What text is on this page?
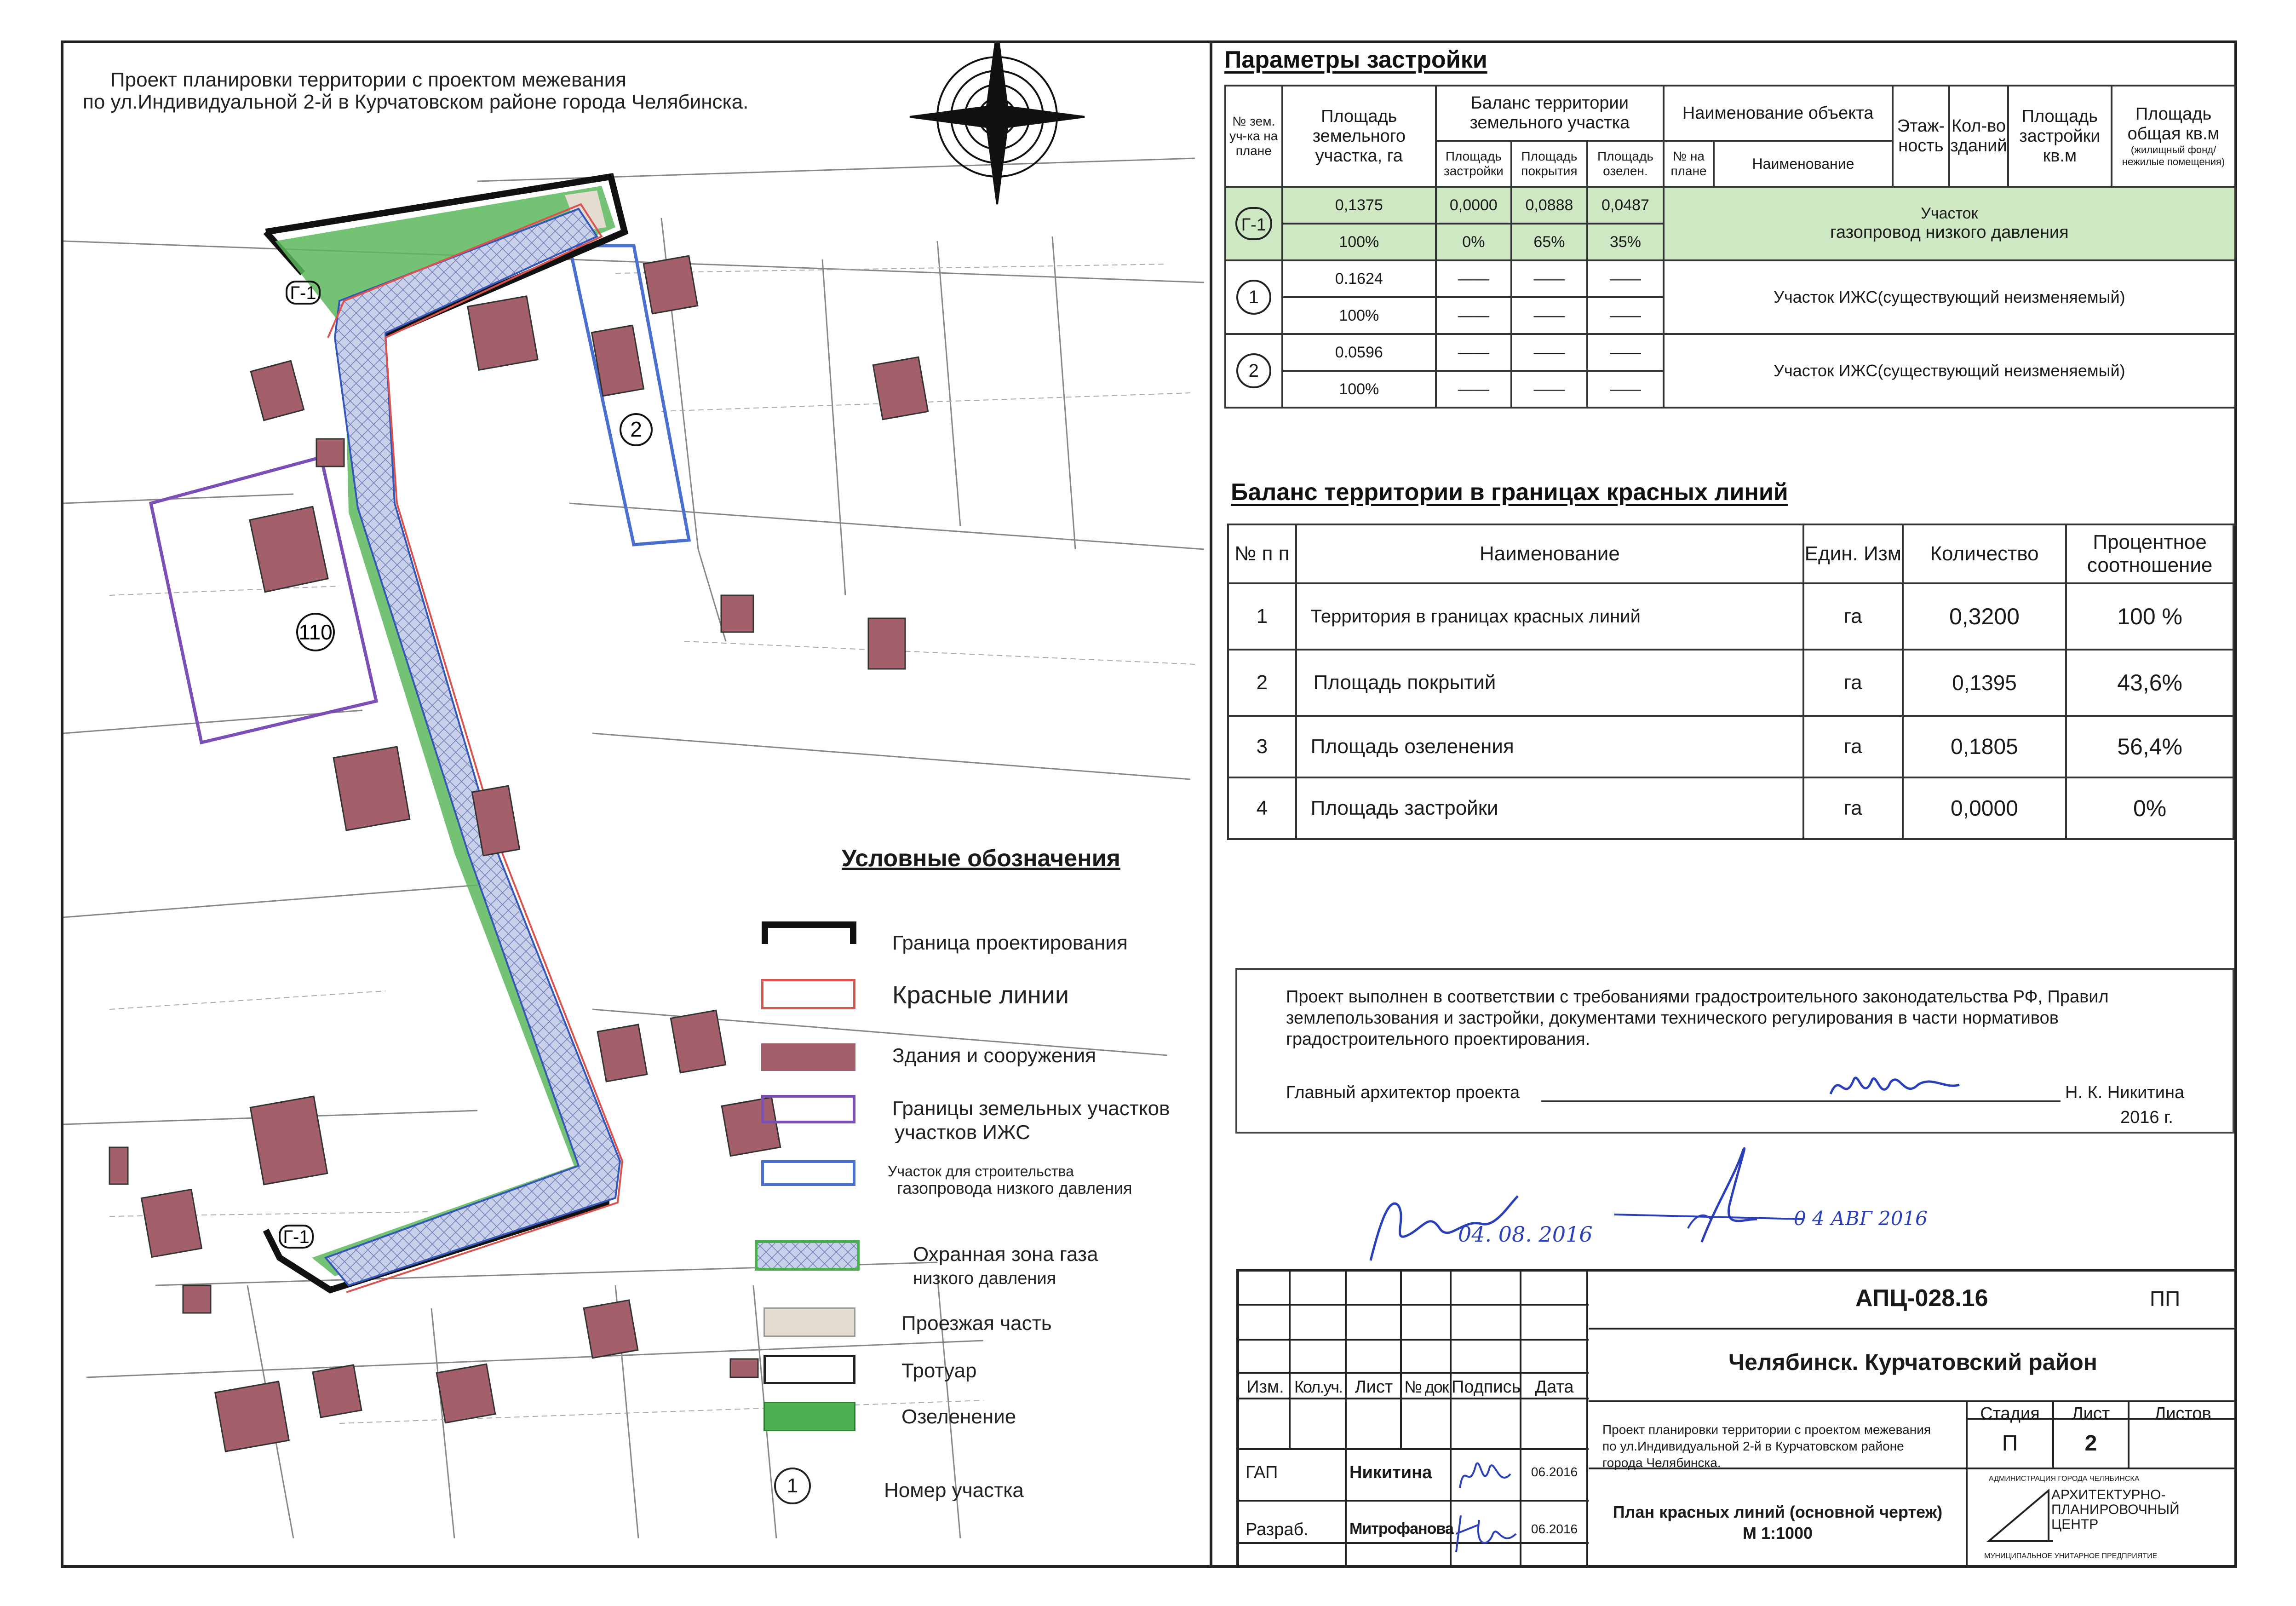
2
110
Г-1
Г-1
Проект планировки территории с проектом межевания
по ул.Индивидуальной 2-й в Курчатовском районе города Челябинска.
Условные обозначения
Граница проектирования
Красные линии
Здания и сооружения
Границы земельных участков
участков ИЖС
Участок для строительства
газопровода низкого давления
Охранная зона газа
низкого давления
Проезжая часть
Тротуар
Озеленение
1	Номер участка
Параметры застройки
№ зем. уч-ка на плане	Площадь земельного участка, га	Баланс территории земельного участка			Наименование объекта		Этаж-ность	Кол-во зданий	Площадь застройки кв.м	Площадь общая кв.м
(жилищный фонд/ нежилые помещения)

		Площадь застройки	Площадь покрытия	Площадь озелен.	№ на плане	Наименование				
Г-1	0,1375	0,0000	0,0888	0,0487	Участок
газопровод низкого давления					

	100%	0%	65%	35%						
1	0.1624	——	——	——	Участок ИЖС(существующий неизменяемый)					
	100%	——	——	——						
2	0.0596	——	——	——	Участок ИЖС(существующий неизменяемый)					
	100%	——	——	——						
Баланс территории в границах красных линий
№ п п	Наименование	Един. Изм	Количество	Процентное соотношение
1	Территория в границах красных линий	га	0,3200	100 %
2	Площадь покрытий	га	0,1395	43,6%
3	Площадь озеленения	га	0,1805	56,4%
4	Площадь застройки	га	0,0000	0%
Проект выполнен в соответствии с требованиями градостроительного законодательства РФ, Правил
землепользования и застройки, документами технического регулирования в части нормативов
градостроительного проектирования.
Главный архитектор проекта	Н. К. Никитина
2016 г.
04. 08. 2016
0 4 АВГ 2016
Изм. Кол.уч. Лист № док Подпись Дата
ГАП	Никитина	06.2016
Разраб.	Митрофанова	06.2016
АПЦ-028.16	ПП
Челябинск. Курчатовский район
Проект планировки территории с проектом межевания
по ул.Индивидуальной 2-й в Курчатовском районе
города Челябинска.
Стадия	Лист	Листов
П	2
План красных линий (основной чертеж)
М 1:1000
АДМИНИСТРАЦИЯ ГОРОДА ЧЕЛЯБИНСКА
АРХИТЕКТУРНО-
ПЛАНИРОВОЧНЫЙ
ЦЕНТР
МУНИЦИПАЛЬНОЕ УНИТАРНОЕ ПРЕДПРИЯТИЕ
